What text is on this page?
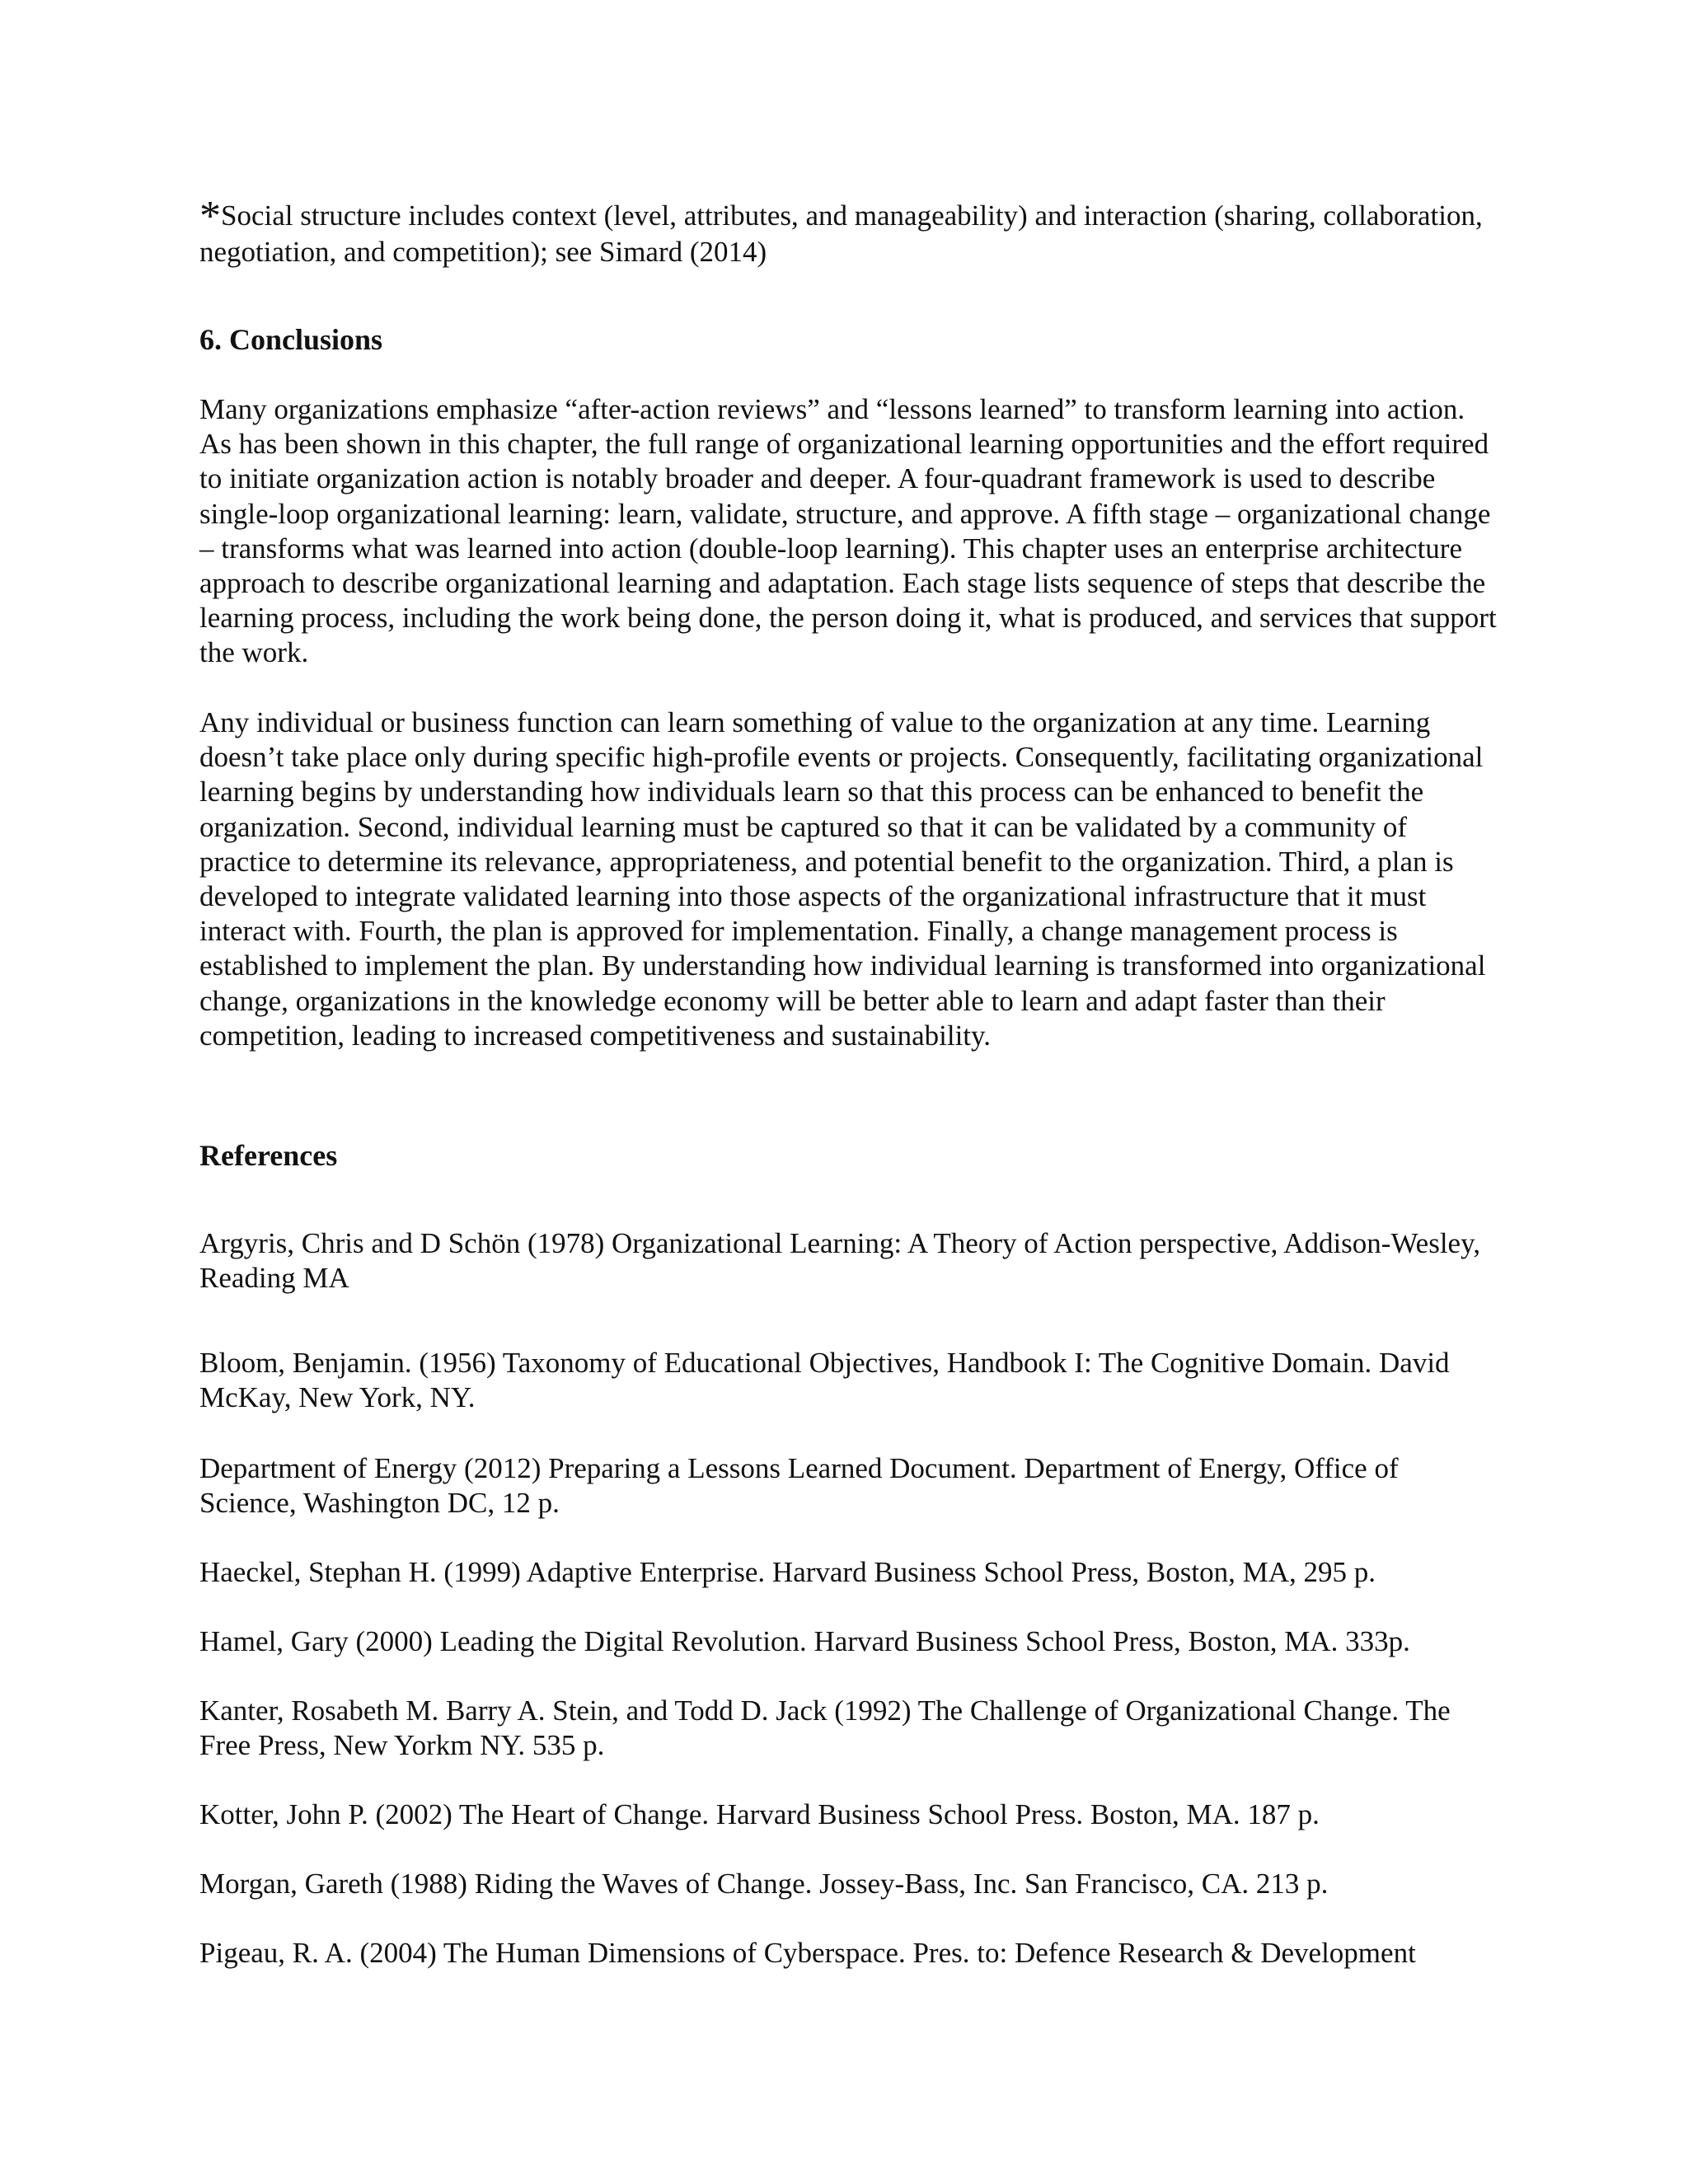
*Social structure includes context (level, attributes, and manageability) and interaction (sharing, collaboration, negotiation, and competition); see Simard (2014)

6. Conclusions

Many organizations emphasize “after-action reviews” and “lessons learned” to transform learning into action. As has been shown in this chapter, the full range of organizational learning opportunities and the effort required to initiate organization action is notably broader and deeper. A four-quadrant framework is used to describe single-loop organizational learning: learn, validate, structure, and approve. A fifth stage – organizational change – transforms what was learned into action (double-loop learning). This chapter uses an enterprise architecture approach to describe organizational learning and adaptation. Each stage lists sequence of steps that describe the learning process, including the work being done, the person doing it, what is produced, and services that support the work.

Any individual or business function can learn something of value to the organization at any time. Learning doesn’t take place only during specific high-profile events or projects. Consequently, facilitating organizational learning begins by understanding how individuals learn so that this process can be enhanced to benefit the organization. Second, individual learning must be captured so that it can be validated by a community of practice to determine its relevance, appropriateness, and potential benefit to the organization. Third, a plan is developed to integrate validated learning into those aspects of the organizational infrastructure that it must interact with. Fourth, the plan is approved for implementation. Finally, a change management process is established to implement the plan. By understanding how individual learning is transformed into organizational change, organizations in the knowledge economy will be better able to learn and adapt faster than their competition, leading to increased competitiveness and sustainability.

References

Argyris, Chris and D Schön (1978) Organizational Learning: A Theory of Action perspective, Addison-Wesley, Reading MA

Bloom, Benjamin. (1956) Taxonomy of Educational Objectives, Handbook I: The Cognitive Domain. David McKay, New York, NY.

Department of Energy (2012) Preparing a Lessons Learned Document. Department of Energy, Office of Science, Washington DC, 12 p.

Haeckel, Stephan H. (1999) Adaptive Enterprise. Harvard Business School Press, Boston, MA, 295 p.

Hamel, Gary (2000) Leading the Digital Revolution. Harvard Business School Press, Boston, MA. 333p.

Kanter, Rosabeth M. Barry A. Stein, and Todd D. Jack (1992) The Challenge of Organizational Change. The Free Press, New Yorkm NY. 535 p.

Kotter, John P. (2002) The Heart of Change. Harvard Business School Press. Boston, MA. 187 p.

Morgan, Gareth (1988) Riding the Waves of Change. Jossey-Bass, Inc. San Francisco, CA. 213 p.

Pigeau, R. A. (2004) The Human Dimensions of Cyberspace. Pres. to: Defence Research & Development
